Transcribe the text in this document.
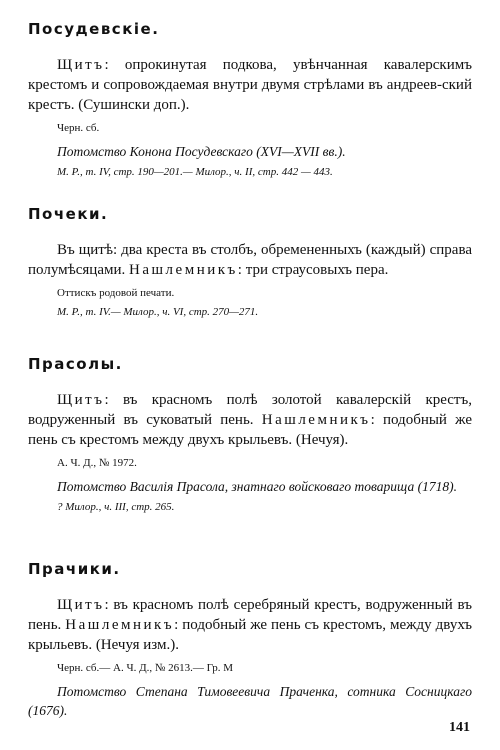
Посудевскіе.

Щитъ: опрокинутая подкова, увѣнчанная кавалерскимъ крестомъ и сопровождаемая внутри двумя стрѣлами въ андреев-ский крестъ. (Сушински доп.).

Черн. сб.

Потомство Конона Посудевскаго (XVI—XVII вв.).

М. Р., т. IV, стр. 190—201.— Милор., ч. II, стр. 442 — 443.

Почеки.

Въ щитѣ: два креста въ столбъ, обремененныхъ (каждый) справа полумѣсяцами. Нашлемникъ: три страусовыхъ пера.

Оттискъ родовой печати.

М. Р., т. IV.— Милор., ч. VI, стр. 270—271.

Прасолы.

Щитъ: въ красномъ полѣ золотой кавалерскій крестъ, водруженный въ суковатый пень. Нашлемникъ: подобный же пень съ крестомъ между двухъ крыльевъ. (Нечуя).

А. Ч. Д., № 1972.

Потомство Василія Прасола, знатнаго войсковаго товарища (1718).

? Милор., ч. III, стр. 265.

Прачики.

Щитъ: въ красномъ полѣ серебряный крестъ, водруженный въ пень. Нашлемникъ: подобный же пень съ крестомъ, между двухъ крыльевъ. (Нечуя изм.).

Черн. сб.— А. Ч. Д., № 2613.— Гр. М

Потомство Степана Тимовеевича Праченка, сотника Сосницкаго (1676).

141
